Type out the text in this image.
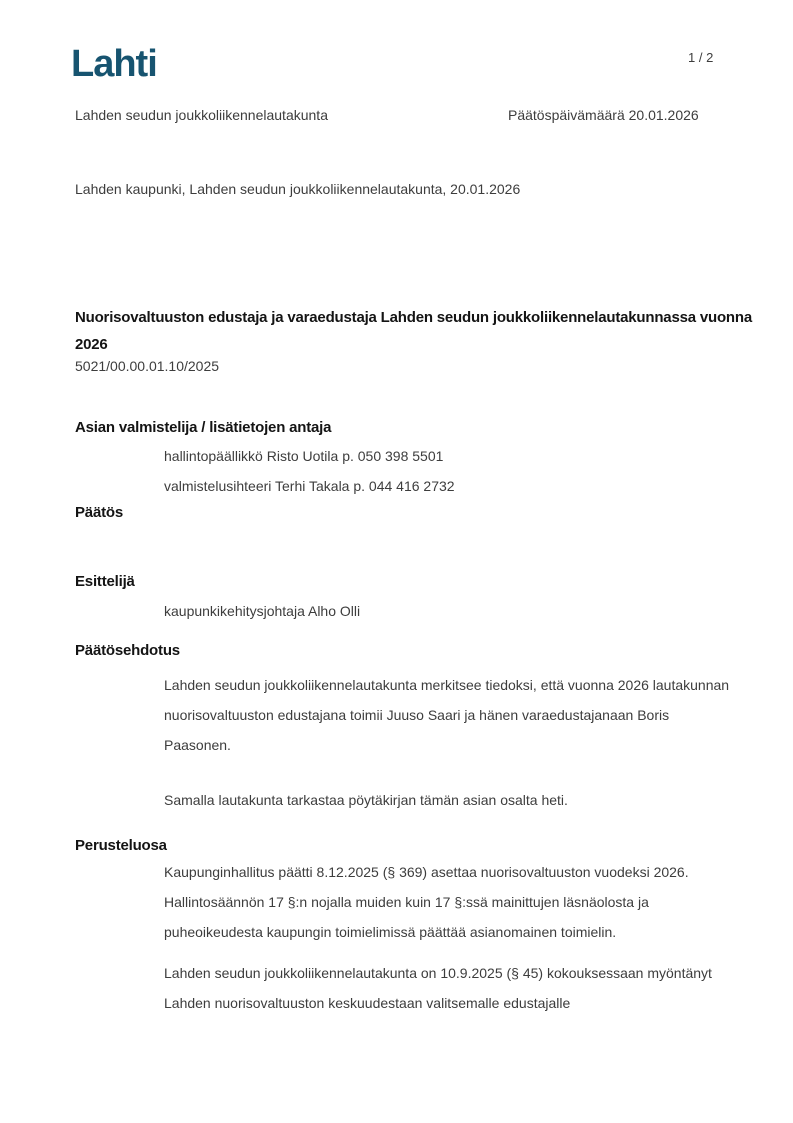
Lahti	1 / 2
Lahden seudun joukkoliikennelautakunta	Päätöspäivämäärä 20.01.2026
Lahden kaupunki, Lahden seudun joukkoliikennelautakunta, 20.01.2026
Nuorisovaltuuston edustaja ja varaedustaja Lahden seudun joukkoliikennelautakunnassa vuonna 2026
5021/00.00.01.10/2025
Asian valmistelija / lisätietojen antaja
hallintopäällikkö Risto Uotila p. 050 398 5501
valmistelusihteeri Terhi Takala p. 044 416 2732
Päätös
Esittelijä
kaupunkikehitysjohtaja Alho Olli
Päätösehdotus
Lahden seudun joukkoliikennelautakunta merkitsee tiedoksi, että vuonna 2026 lautakunnan nuorisovaltuuston edustajana toimii Juuso Saari ja hänen varaedustajanaan Boris Paasonen.
Samalla lautakunta tarkastaa pöytäkirjan tämän asian osalta heti.
Perusteluosa
Kaupunginhallitus päätti 8.12.2025 (§ 369) asettaa nuorisovaltuuston vuodeksi 2026. Hallintosäännön 17 §:n nojalla muiden kuin 17 §:ssä mainittujen läsnäolosta ja puheoikeudesta kaupungin toimielimissä päättää asianomainen toimielin.
Lahden seudun joukkoliikennelautakunta on 10.9.2025 (§ 45) kokouksessaan myöntänyt Lahden nuorisovaltuuston keskuudestaan valitsemalle edustajalle
